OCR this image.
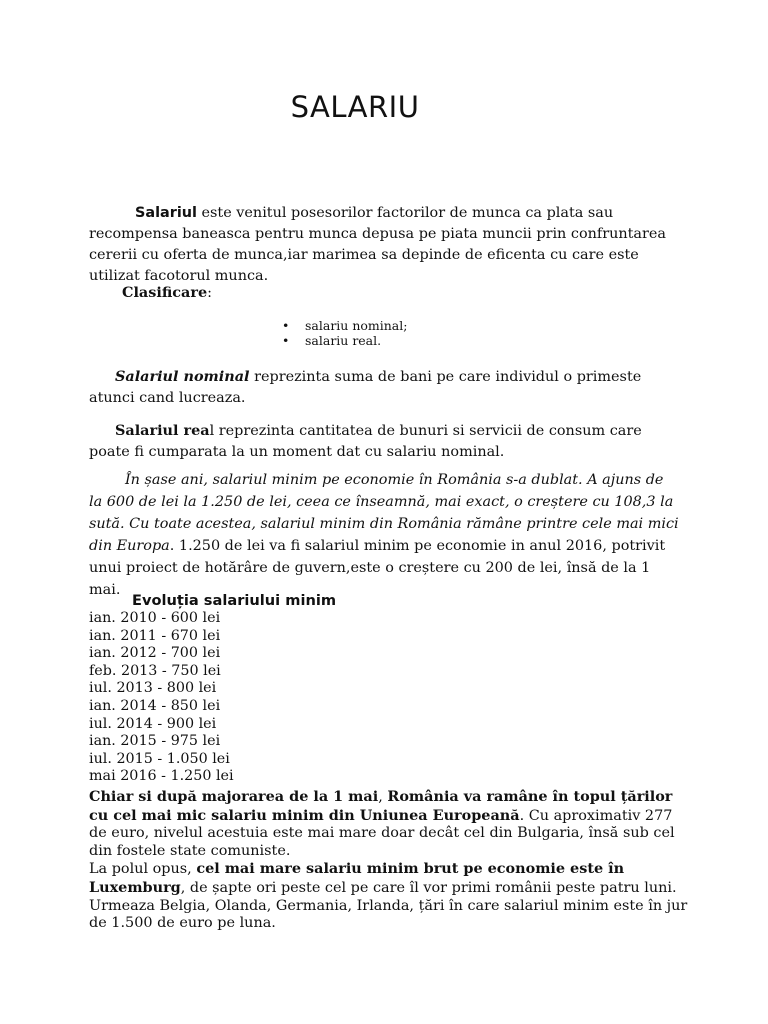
SALARIU
Salariul este venitul posesorilor factorilor de munca ca plata sau recompensa baneasca pentru munca depusa pe piata muncii prin confruntarea cererii cu oferta de munca,iar marimea sa depinde de eficenta cu care este utilizat facotorul munca.
Clasificare:
• salariu nominal;
• salariu real.
Salariul nominal reprezinta suma de bani pe care individul o primeste atunci cand lucreaza.
Salariul real reprezinta cantitatea de bunuri si servicii de consum care poate fi cumparata la un moment dat cu salariu nominal.
În șase ani, salariul minim pe economie în România s-a dublat. A ajuns de la 600 de lei la 1.250 de lei, ceea ce înseamnă, mai exact, o creștere cu 108,3 la sută. Cu toate acestea, salariul minim din România rămâne printre cele mai mici din Europa. 1.250 de lei va fi salariul minim pe economie in anul 2016, potrivit unui proiect de hotărâre de guvern,este o creștere cu 200 de lei, însă de la 1 mai.
Evoluția salariului minim
ian. 2010 - 600 lei
ian. 2011 - 670 lei
ian. 2012 - 700 lei
feb. 2013 - 750 lei
iul. 2013 - 800 lei
ian. 2014 - 850 lei
iul. 2014 - 900 lei
ian. 2015 - 975 lei
iul. 2015 - 1.050 lei
mai 2016 - 1.250 lei
Chiar si după majorarea de la 1 mai, România va ramâne în topul țărilor cu cel mai mic salariu minim din Uniunea Europeană. Cu aproximativ 277 de euro, nivelul acestuia este mai mare doar decât cel din Bulgaria, însă sub cel din fostele state comuniste.
La polul opus, cel mai mare salariu minim brut pe economie este în Luxemburg, de șapte ori peste cel pe care îl vor primi românii peste patru luni. Urmeaza Belgia, Olanda, Germania, Irlanda, țări în care salariul minim este în jur de 1.500 de euro pe luna.
